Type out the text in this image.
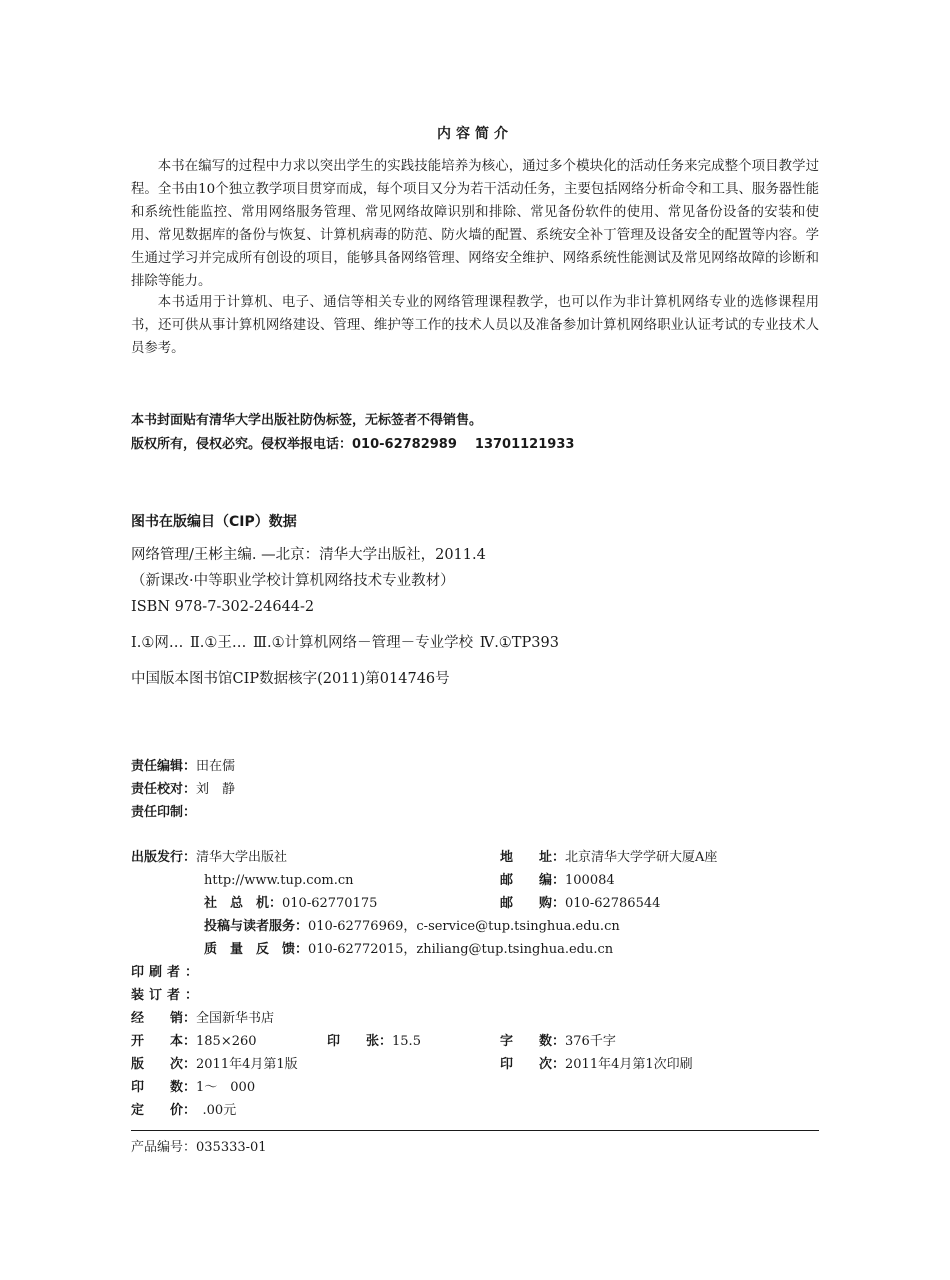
内容简介

本书在编写的过程中力求以突出学生的实践技能培养为核心，通过多个模块化的活动任务来完成整个项目教学过程。全书由10个独立教学项目贯穿而成，每个项目又分为若干活动任务，主要包括网络分析命令和工具、服务器性能和系统性能监控、常用网络服务管理、常见网络故障识别和排除、常见备份软件的使用、常见备份设备的安装和使用、常见数据库的备份与恢复、计算机病毒的防范、防火墙的配置、系统安全补丁管理及设备安全的配置等内容。学生通过学习并完成所有创设的项目，能够具备网络管理、网络安全维护、网络系统性能测试及常见网络故障的诊断和排除等能力。

本书适用于计算机、电子、通信等相关专业的网络管理课程教学，也可以作为非计算机网络专业的选修课程用书，还可供从事计算机网络建设、管理、维护等工作的技术人员以及准备参加计算机网络职业认证考试的专业技术人员参考。

本书封面贴有清华大学出版社防伪标签，无标签者不得销售。
版权所有，侵权必究。侵权举报电话：010-62782989 13701121933
图书在版编目（CIP）数据
网络管理/王彬主编. —北京：清华大学出版社，2011.4
（新课改·中等职业学校计算机网络技术专业教材）
ISBN 978-7-302-24644-2
Ⅰ.①网… Ⅱ.①王… Ⅲ.①计算机网络－管理－专业学校 Ⅳ.①TP393
中国版本图书馆CIP数据核字(2011)第014746号
责任编辑：田在儒
责任校对：刘　静
责任印制：
出版发行：清华大学出版社	地　　址：北京清华大学学研大厦A座
http://www.tup.com.cn	邮　　编：100084
社　总　机：010-62770175	邮　　购：010-62786544
投稿与读者服务：010-62776969，c-service@tup.tsinghua.edu.cn
质　量　反　馈：010-62772015，zhiliang@tup.tsinghua.edu.cn
印刷者：
装订者：
经　　销：全国新华书店
开　　本：185×260	印　　张：15.5	字　　数：376千字
版　　次：2011年4月第1版	印　　次：2011年4月第1次印刷
印　　数：1～　000
定　　价：　.00元
产品编号：035333-01
